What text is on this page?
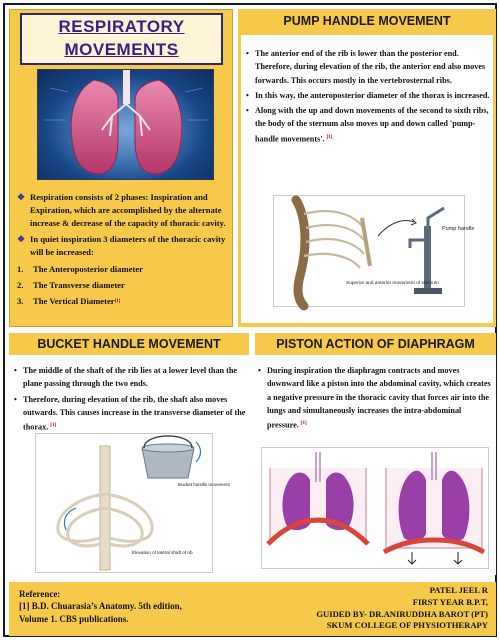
RESPIRATORY
MOVEMENTS
❖ Respiration consists of 2 phases: Inspiration and Expiration, which are accomplished by the alternate increase & decrease of the capacity of thoracic cavity.
❖ In quiet inspiration 3 diameters of the thoracic cavity will be increased:
1.	The Anteroposterior diameter
2.	The Transverse diameter
3.	The Vertical Diameter [1]
PUMP HANDLE MOVEMENT
• The anterior end of the rib is lower than the posterior end. Therefore, during elevation of the rib, the anterior end also moves forwards. This occurs mostly in the vertebrosternal ribs.
• In this way, the anteroposterior diameter of the thorax is increased.
• Along with the up and down movements of the second to sixth ribs, the body of the sternum also moves up and down called 'pump-handle movements'. [1]
Pump handle
Superior and anterior movement of sternum
BUCKET HANDLE MOVEMENT
• The middle of the shaft of the rib lies at a lower level than the plane passing through the two ends.
• Therefore, during elevation of the rib, the shaft also moves outwards. This causes increase in the transverse diameter of the thorax. [1]
Bucket handle movement
Elevation of lateral shaft of rib
PISTON ACTION OF DIAPHRAGM
• During inspiration the diaphragm contracts and moves downward like a piston into the abdominal cavity, which creates a negative pressure in the thoracic cavity that forces air into the lungs and simultaneously increases the intra-abdominal pressure. [1]
Reference:
[1] B.D. Chuarasia’s Anatomy. 5th edition,
Volume 1. CBS publications.
PATEL JEEL R
FIRST YEAR B.P.T,
GUIDED BY- DR.ANIRUDDHA BAROT (PT)
SKUM COLLEGE OF PHYSIOTHERAPY
